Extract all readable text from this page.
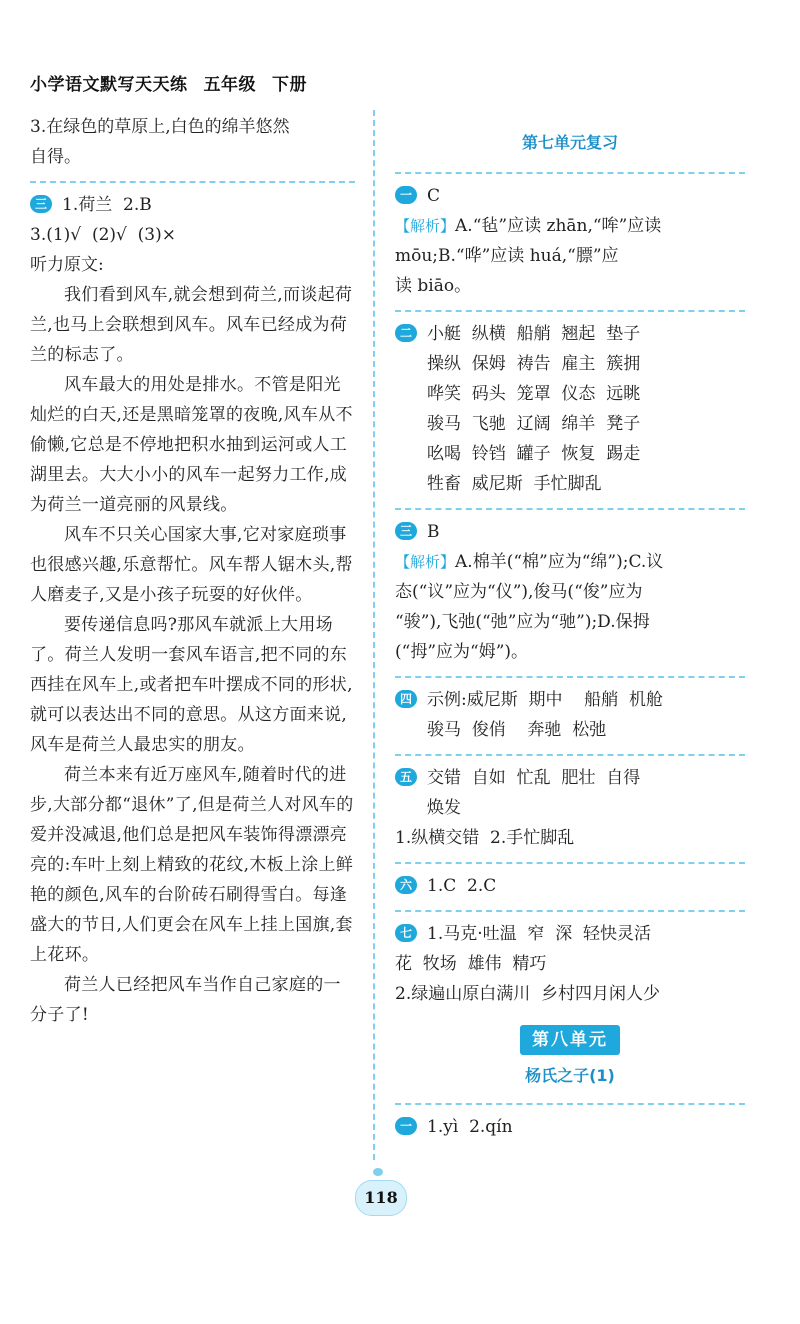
小学语文默写天天练 五年级 下册
3.在绿色的草原上,白色的绵羊悠然
自得。
三 1.荷兰  2.B
3.(1)√  (2)√  (3)×
听力原文:
我们看到风车,就会想到荷兰,而谈起荷兰,也马上会联想到风车。风车已经成为荷兰的标志了。
风车最大的用处是排水。不管是阳光灿烂的白天,还是黑暗笼罩的夜晚,风车从不偷懒,它总是不停地把积水抽到运河或人工湖里去。大大小小的风车一起努力工作,成为荷兰一道亮丽的风景线。
风车不只关心国家大事,它对家庭琐事也很感兴趣,乐意帮忙。风车帮人锯木头,帮人磨麦子,又是小孩子玩耍的好伙伴。
要传递信息吗?那风车就派上大用场了。荷兰人发明一套风车语言,把不同的东西挂在风车上,或者把车叶摆成不同的形状,就可以表达出不同的意思。从这方面来说,风车是荷兰人最忠实的朋友。
荷兰本来有近万座风车,随着时代的进步,大部分都“退休”了,但是荷兰人对风车的爱并没减退,他们总是把风车装饰得漂漂亮亮的:车叶上刻上精致的花纹,木板上涂上鲜艳的颜色,风车的台阶砖石刷得雪白。每逢盛大的节日,人们更会在风车上挂上国旗,套上花环。
荷兰人已经把风车当作自己家庭的一分子了!
第七单元复习
一 C
【解析】A.“毡”应读 zhān,“哞”应读
mōu;B.“哗”应读 huá,“膘”应
读 biāo。
二 小艇  纵横  船艄  翘起  垫子
操纵  保姆  祷告  雇主  簇拥
哗笑  码头  笼罩  仪态  远眺
骏马  飞驰  辽阔  绵羊  凳子
吆喝  铃铛  罐子  恢复  踢走
牲畜  威尼斯  手忙脚乱
三 B
【解析】A.棉羊(“棉”应为“绵”);C.议
态(“议”应为“仪”),俊马(“俊”应为
“骏”),飞弛(“弛”应为“驰”);D.保拇
(“拇”应为“姆”)。
四 示例:威尼斯  期中    船艄  机舱
骏马  俊俏    奔驰  松弛
五 交错  自如  忙乱  肥壮  自得
焕发
1.纵横交错  2.手忙脚乱
六 1.C  2.C
七 1.马克·吐温  窄  深  轻快灵活
花  牧场  雄伟  精巧
2.绿遍山原白满川  乡村四月闲人少
第八单元
杨氏之子(1)
一 1.yì  2.qín
118
